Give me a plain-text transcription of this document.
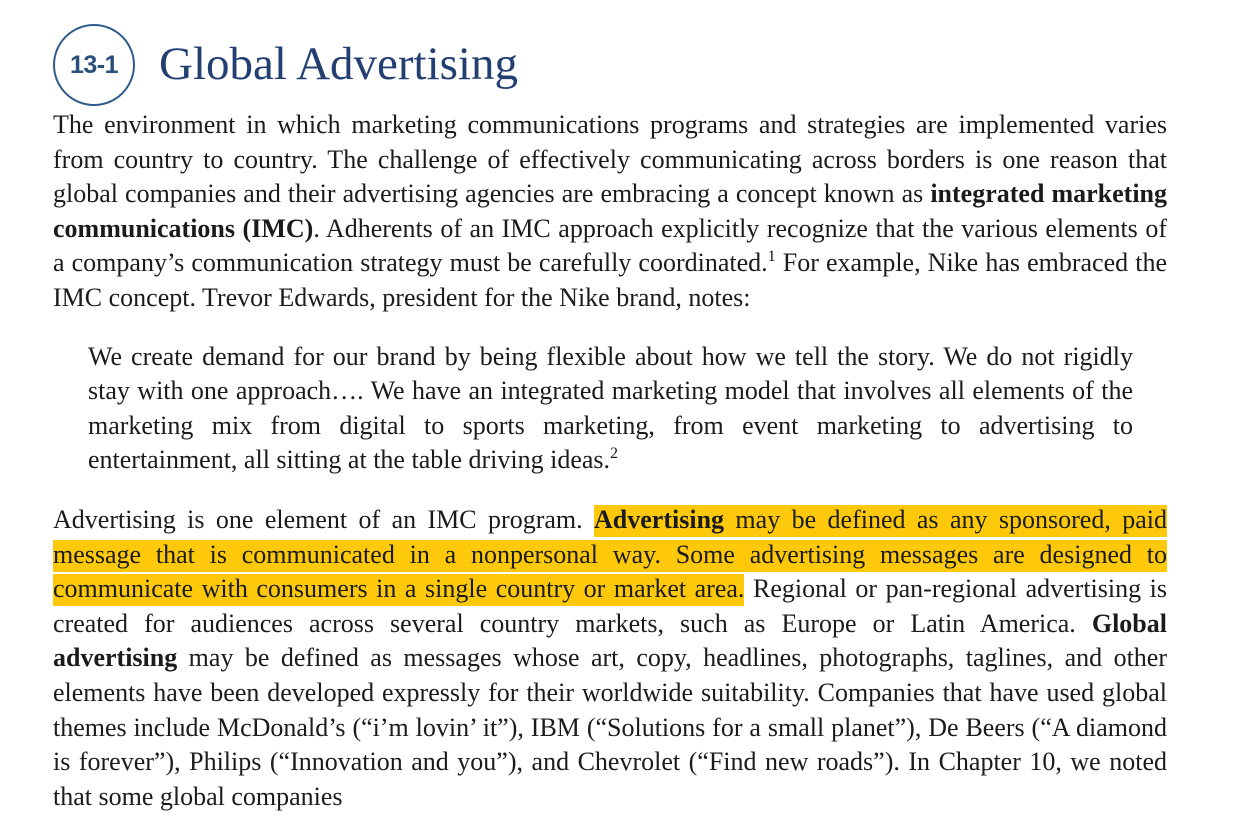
13-1 Global Advertising

The environment in which marketing communications programs and strategies are implemented varies from country to country. The challenge of effectively communicating across borders is one reason that global companies and their advertising agencies are embracing a concept known as integrated marketing communications (IMC). Adherents of an IMC approach explicitly recognize that the various elements of a company’s communication strategy must be carefully coordinated.$^1$ For example, Nike has embraced the IMC concept. Trevor Edwards, president for the Nike brand, notes:

We create demand for our brand by being flexible about how we tell the story. We do not rigidly stay with one approach…. We have an integrated marketing model that involves all elements of the marketing mix from digital to sports marketing, from event marketing to advertising to entertainment, all sitting at the table driving ideas.$^2$

Advertising is one element of an IMC program. Advertising may be defined as any sponsored, paid message that is communicated in a nonpersonal way. Some advertising messages are designed to communicate with consumers in a single country or market area. Regional or pan-regional advertising is created for audiences across several country markets, such as Europe or Latin America. Global advertising may be defined as messages whose art, copy, headlines, photographs, taglines, and other elements have been developed expressly for their worldwide suitability. Companies that have used global themes include McDonald’s (“i’m lovin’ it”), IBM (“Solutions for a small planet”), De Beers (“A diamond is forever”), Philips (“Innovation and you”), and Chevrolet (“Find new roads”). In Chapter 10, we noted that some global companies
